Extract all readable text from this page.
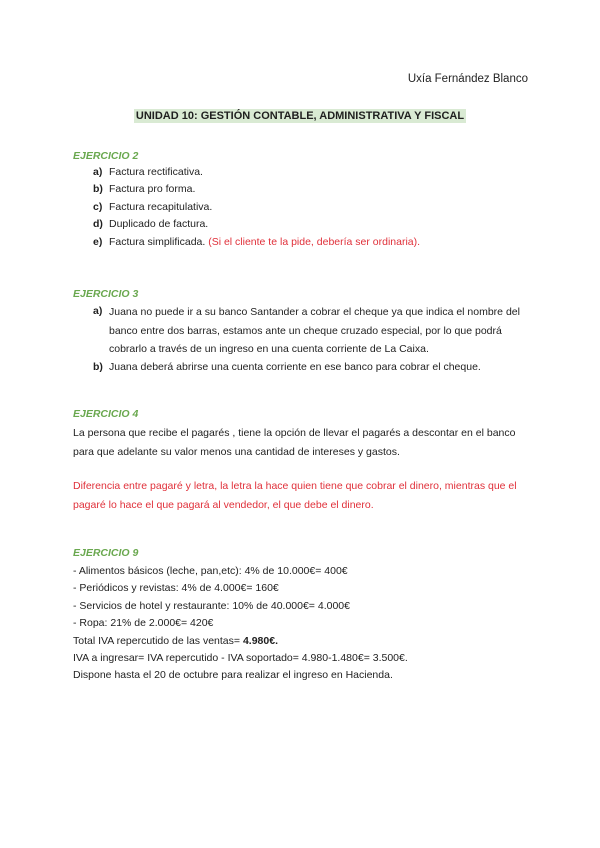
Uxía Fernández Blanco
UNIDAD 10: GESTIÓN CONTABLE, ADMINISTRATIVA Y FISCAL
EJERCICIO 2
a) Factura rectificativa.
b) Factura pro forma.
c) Factura recapitulativa.
d) Duplicado de factura.
e) Factura simplificada. (Si el cliente te la pide, debería ser ordinaria).
EJERCICIO 3
a) Juana no puede ir a su banco Santander a cobrar el cheque ya que indica el nombre del banco entre dos barras, estamos ante un cheque cruzado especial, por lo que podrá cobrarlo a través de un ingreso en una cuenta corriente de La Caixa.
b) Juana deberá abrirse una cuenta corriente en ese banco para cobrar el cheque.
EJERCICIO 4

La persona que recibe el pagarés , tiene la opción de llevar el pagarés a descontar en el banco para que adelante su valor menos una cantidad de intereses y gastos.

Diferencia entre pagaré y letra, la letra la hace quien tiene que cobrar el dinero, mientras que el pagaré lo hace el que pagará al vendedor, el que debe el dinero.

EJERCICIO 9
- Alimentos básicos (leche, pan,etc): 4% de 10.000€= 400€
- Periódicos y revistas: 4% de 4.000€= 160€
- Servicios de hotel y restaurante: 10% de 40.000€= 4.000€
- Ropa: 21% de 2.000€= 420€
Total IVA repercutido de las ventas= 4.980€.
IVA a ingresar= IVA repercutido - IVA soportado= 4.980-1.480€= 3.500€.
Dispone hasta el 20 de octubre para realizar el ingreso en Hacienda.
